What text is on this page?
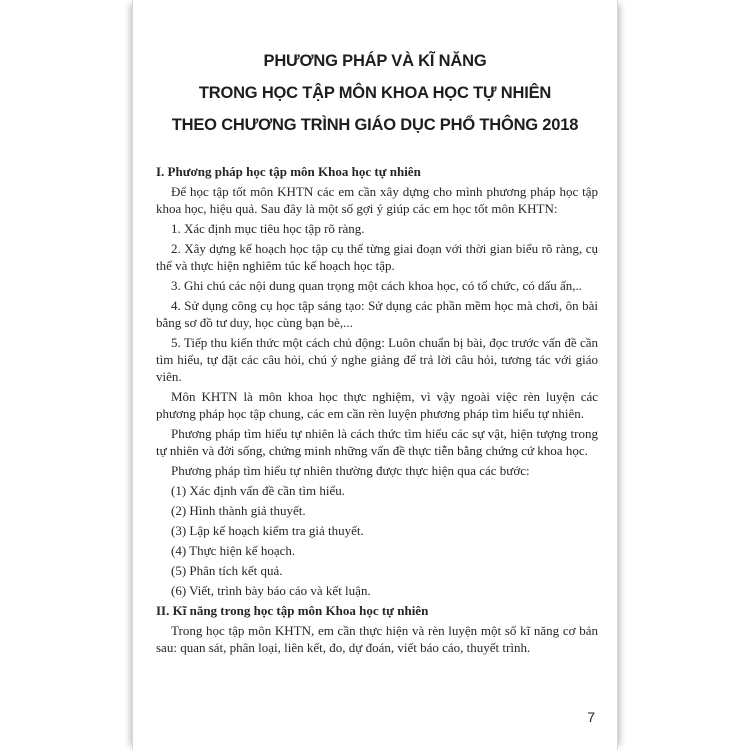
PHƯƠNG PHÁP VÀ KĨ NĂNG
TRONG HỌC TẬP MÔN KHOA HỌC TỰ NHIÊN
THEO CHƯƠNG TRÌNH GIÁO DỤC PHỔ THÔNG 2018

I. Phương pháp học tập môn Khoa học tự nhiên

Để học tập tốt môn KHTN các em cần xây dựng cho mình phương pháp học tập khoa học, hiệu quả. Sau đây là một số gợi ý giúp các em học tốt môn KHTN:

1. Xác định mục tiêu học tập rõ ràng.

2. Xây dựng kế hoạch học tập cụ thể từng giai đoạn với thời gian biểu rõ ràng, cụ thể và thực hiện nghiêm túc kế hoạch học tập.

3. Ghi chú các nội dung quan trọng một cách khoa học, có tổ chức, có dấu ấn,..

4. Sử dụng công cụ học tập sáng tạo: Sử dụng các phần mềm học mà chơi, ôn bài bằng sơ đồ tư duy, học cùng bạn bè,...

5. Tiếp thu kiến thức một cách chủ động: Luôn chuẩn bị bài, đọc trước vấn đề cần tìm hiểu, tự đặt các câu hỏi, chú ý nghe giảng để trả lời câu hỏi, tương tác với giáo viên.

Môn KHTN là môn khoa học thực nghiệm, vì vậy ngoài việc rèn luyện các phương pháp học tập chung, các em cần rèn luyện phương pháp tìm hiểu tự nhiên.

Phương pháp tìm hiểu tự nhiên là cách thức tìm hiểu các sự vật, hiện tượng trong tự nhiên và đời sống, chứng minh những vấn đề thực tiễn bằng chứng cứ khoa học.

Phương pháp tìm hiểu tự nhiên thường được thực hiện qua các bước:

(1) Xác định vấn đề cần tìm hiểu.

(2) Hình thành giả thuyết.

(3) Lập kế hoạch kiểm tra giả thuyết.

(4) Thực hiện kế hoạch.

(5) Phân tích kết quả.

(6) Viết, trình bày báo cáo và kết luận.

II. Kĩ năng trong học tập môn Khoa học tự nhiên

Trong học tập môn KHTN, em cần thực hiện và rèn luyện một số kĩ năng cơ bản sau: quan sát, phân loại, liên kết, đo, dự đoán, viết báo cáo, thuyết trình.

7
